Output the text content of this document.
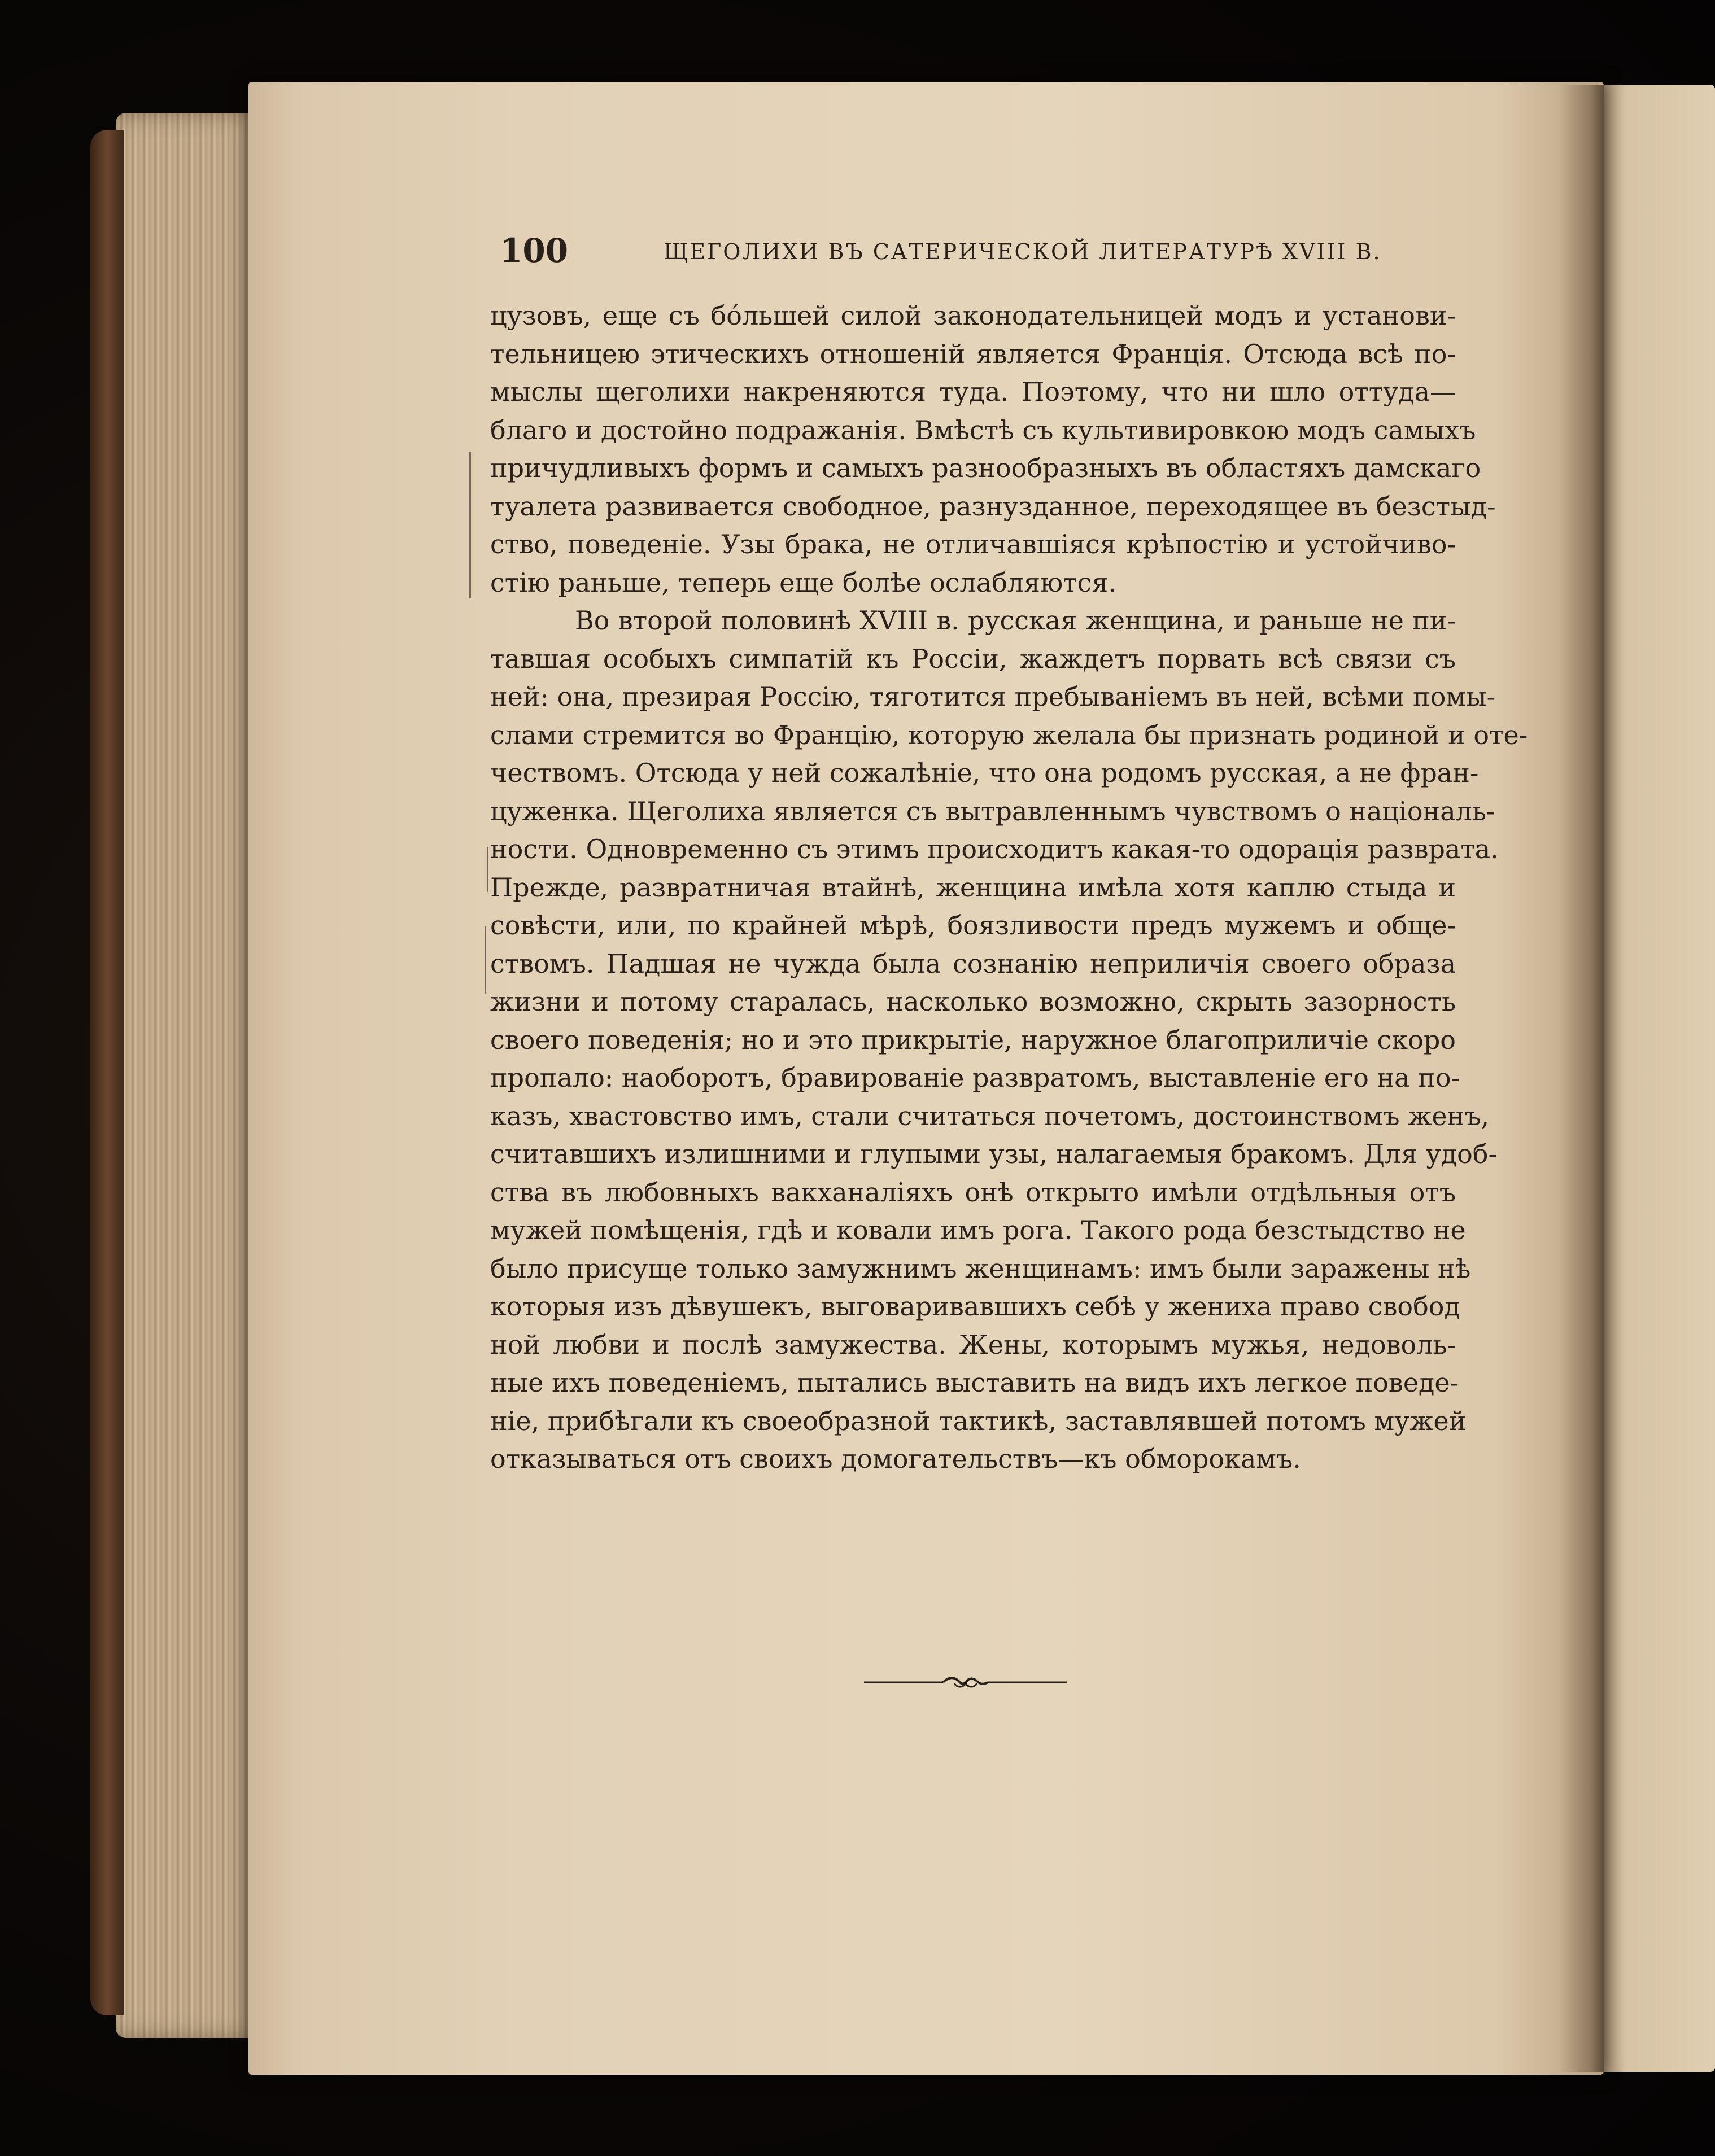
100	ЩЕГОЛИХИ ВЪ САТЕРИЧЕСКОЙ ЛИТЕРАТУРѢ XVIII В.
цузовъ, еще съ бóльшей силой законодательницей модъ и установи-
тельницею этическихъ отношеній является Франція. Отсюда всѣ по-
мыслы щеголихи накреняются туда. Поэтому, что ни шло оттуда—
благо и достойно подражанія. Вмѣстѣ съ культивировкою модъ самыхъ
причудливыхъ формъ и самыхъ разнообразныхъ въ областяхъ дамскаго
туалета развивается свободное, разнузданное, переходящее въ безстыд-
ство, поведеніе. Узы брака, не отличавшіяся крѣпостію и устойчиво-
стію раньше, теперь еще болѣе ослабляются.
Во второй половинѣ XVIII в. русская женщина, и раньше не пи-
тавшая особыхъ симпатій къ Россіи, жаждетъ порвать всѣ связи съ
ней: она, презирая Россію, тяготится пребываніемъ въ ней, всѣми помы-
слами стремится во Францію, которую желала бы признать родиной и оте-
чествомъ. Отсюда у ней сожалѣніе, что она родомъ русская, а не фран-
цуженка. Щеголиха является съ вытравленнымъ чувствомъ о національ-
ности. Одновременно съ этимъ происходитъ какая-то одорація разврата.
Прежде, развратничая втайнѣ, женщина имѣла хотя каплю стыда и
совѣсти, или, по крайней мѣрѣ, боязливости предъ мужемъ и обще-
ствомъ. Падшая не чужда была сознанію неприличія своего образа
жизни и потому старалась, насколько возможно, скрыть зазорность
своего поведенія; но и это прикрытіе, наружное благоприличіе скоро
пропало: наоборотъ, бравированіе развратомъ, выставленіе его на по-
казъ, хвастовство имъ, стали считаться почетомъ, достоинствомъ женъ,
считавшихъ излишними и глупыми узы, налагаемыя бракомъ. Для удоб-
ства въ любовныхъ вакханаліяхъ онѣ открыто имѣли отдѣльныя отъ
мужей помѣщенія, гдѣ и ковали имъ рога. Такого рода безстыдство не
было присуще только замужнимъ женщинамъ: имъ были заражены нѣ
которыя изъ дѣвушекъ, выговаривавшихъ себѣ у жениха право свобод
ной любви и послѣ замужества. Жены, которымъ мужья, недоволь-
ные ихъ поведеніемъ, пытались выставить на видъ ихъ легкое поведе-
ніе, прибѣгали къ своеобразной тактикѣ, заставлявшей потомъ мужей
отказываться отъ своихъ домогательствъ—къ обморокамъ.
